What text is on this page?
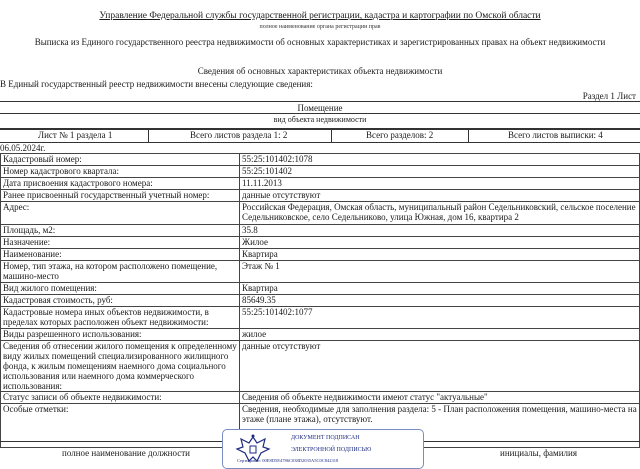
Управление Федеральной службы государственной регистрации, кадастра и картографии по Омской области
полное наименование органа регистрации прав
Выписка из Единого государственного реестра недвижимости об основных характеристиках и зарегистрированных правах на объект недвижимости
Сведения об основных характеристиках объекта недвижимости
В Единый государственный реестр недвижимости внесены следующие сведения:
Раздел 1 Лист
Помещение
вид объекта недвижимости
Лист № 1 раздела 1	Всего листов раздела 1: 2	Всего разделов: 2	Всего листов выписки: 4
06.05.2024г.
Кадастровый номер:	55:25:101402:1078
Номер кадастрового квартала:	55:25:101402
Дата присвоения кадастрового номера:	11.11.2013
Ранее присвоенный государственный учетный номер:	данные отсутствуют
Адрес:	Российская Федерация, Омская область, муниципальный район Седельниковский, сельское поселение Седельниковское, село Седельниково, улица Южная, дом 16, квартира 2
Площадь, м2:	35.8
Назначение:	Жилое
Наименование:	Квартира
Номер, тип этажа, на котором расположено помещение, машино-место	Этаж № 1
Вид жилого помещения:	Квартира
Кадастровая стоимость, руб:	85649.35
Кадастровые номера иных объектов недвижимости, в пределах которых расположен объект недвижимости:	55:25:101402:1077
Виды разрешенного использования:	жилое
Сведения об отнесении жилого помещения к определенному виду жилых помещений специализированного жилищного фонда, к жилым помещениям наемного дома социального использования или наемного дома коммерческого использования:	данные отсутствуют
Статус записи об объекте недвижимости:	Сведения об объекте недвижимости имеют статус "актуальные"
Особые отметки:	Сведения, необходимые для заполнения раздела: 5 - План расположения помещения, машино-места на этаже (плане этажа), отсутствуют.
полное наименование должности	инициалы, фамилия
ДОКУМЕНТ ПОДПИСАН
ЭЛЕКТРОННОЙ ПОДПИСЬЮ
Сертификат: 00E8D5E4786C038D2035A5C0C842318
